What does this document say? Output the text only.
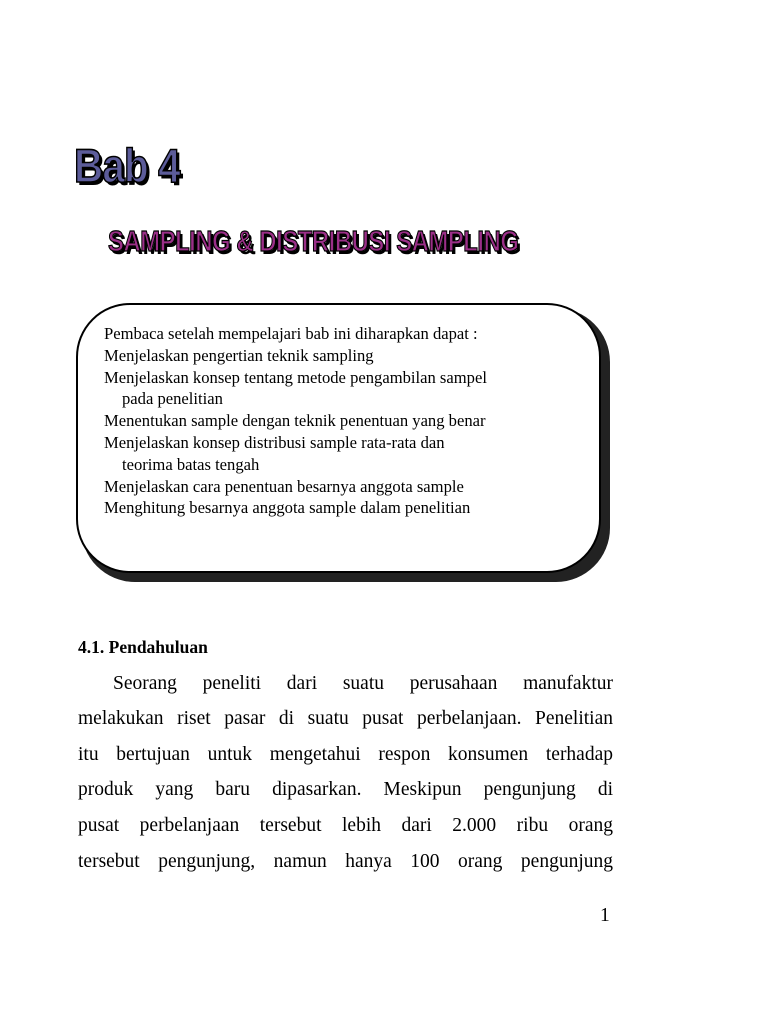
Bab 4
SAMPLING & DISTRIBUSI SAMPLING
Pembaca setelah mempelajari bab ini diharapkan dapat :
Menjelaskan pengertian teknik sampling
Menjelaskan konsep tentang metode pengambilan sampel
pada penelitian
Menentukan sample dengan teknik penentuan yang benar
Menjelaskan konsep distribusi sample rata-rata dan
teorima batas tengah
Menjelaskan cara penentuan besarnya anggota sample
Menghitung besarnya anggota sample dalam penelitian
4.1. Pendahuluan
Seorang peneliti dari suatu perusahaan manufaktur
melakukan riset pasar di suatu pusat perbelanjaan. Penelitian
itu bertujuan untuk mengetahui respon konsumen terhadap
produk yang baru dipasarkan. Meskipun pengunjung di
pusat perbelanjaan tersebut lebih dari 2.000 ribu orang
tersebut pengunjung, namun hanya 100 orang pengunjung
1
